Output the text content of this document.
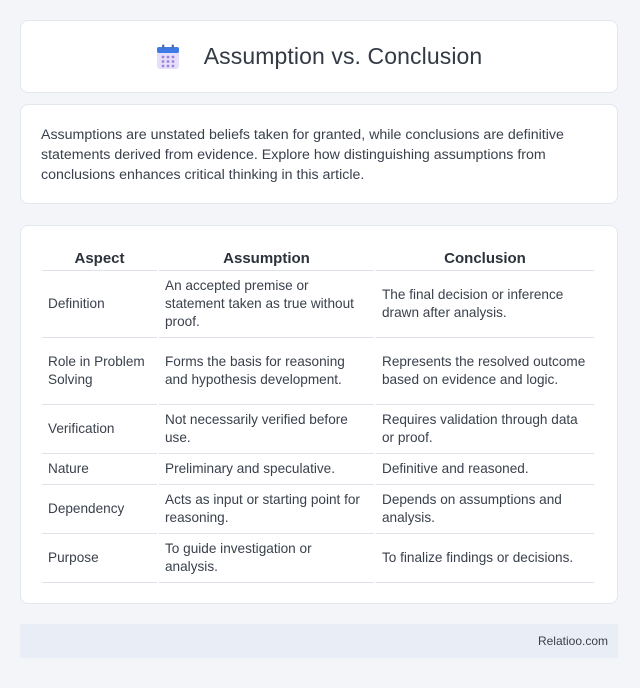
Assumption vs. Conclusion

Assumptions are unstated beliefs taken for granted, while conclusions are definitive statements derived from evidence. Explore how distinguishing assumptions from conclusions enhances critical thinking in this article.

Aspect	Assumption	Conclusion
Definition	An accepted premise or statement taken as true without proof.	The final decision or inference drawn after analysis.
Role in Problem Solving	Forms the basis for reasoning and hypothesis development.	Represents the resolved outcome based on evidence and logic.
Verification	Not necessarily verified before use.	Requires validation through data or proof.
Nature	Preliminary and speculative.	Definitive and reasoned.
Dependency	Acts as input or starting point for reasoning.	Depends on assumptions and analysis.
Purpose	To guide investigation or analysis.	To finalize findings or decisions.
Relatioo.com
